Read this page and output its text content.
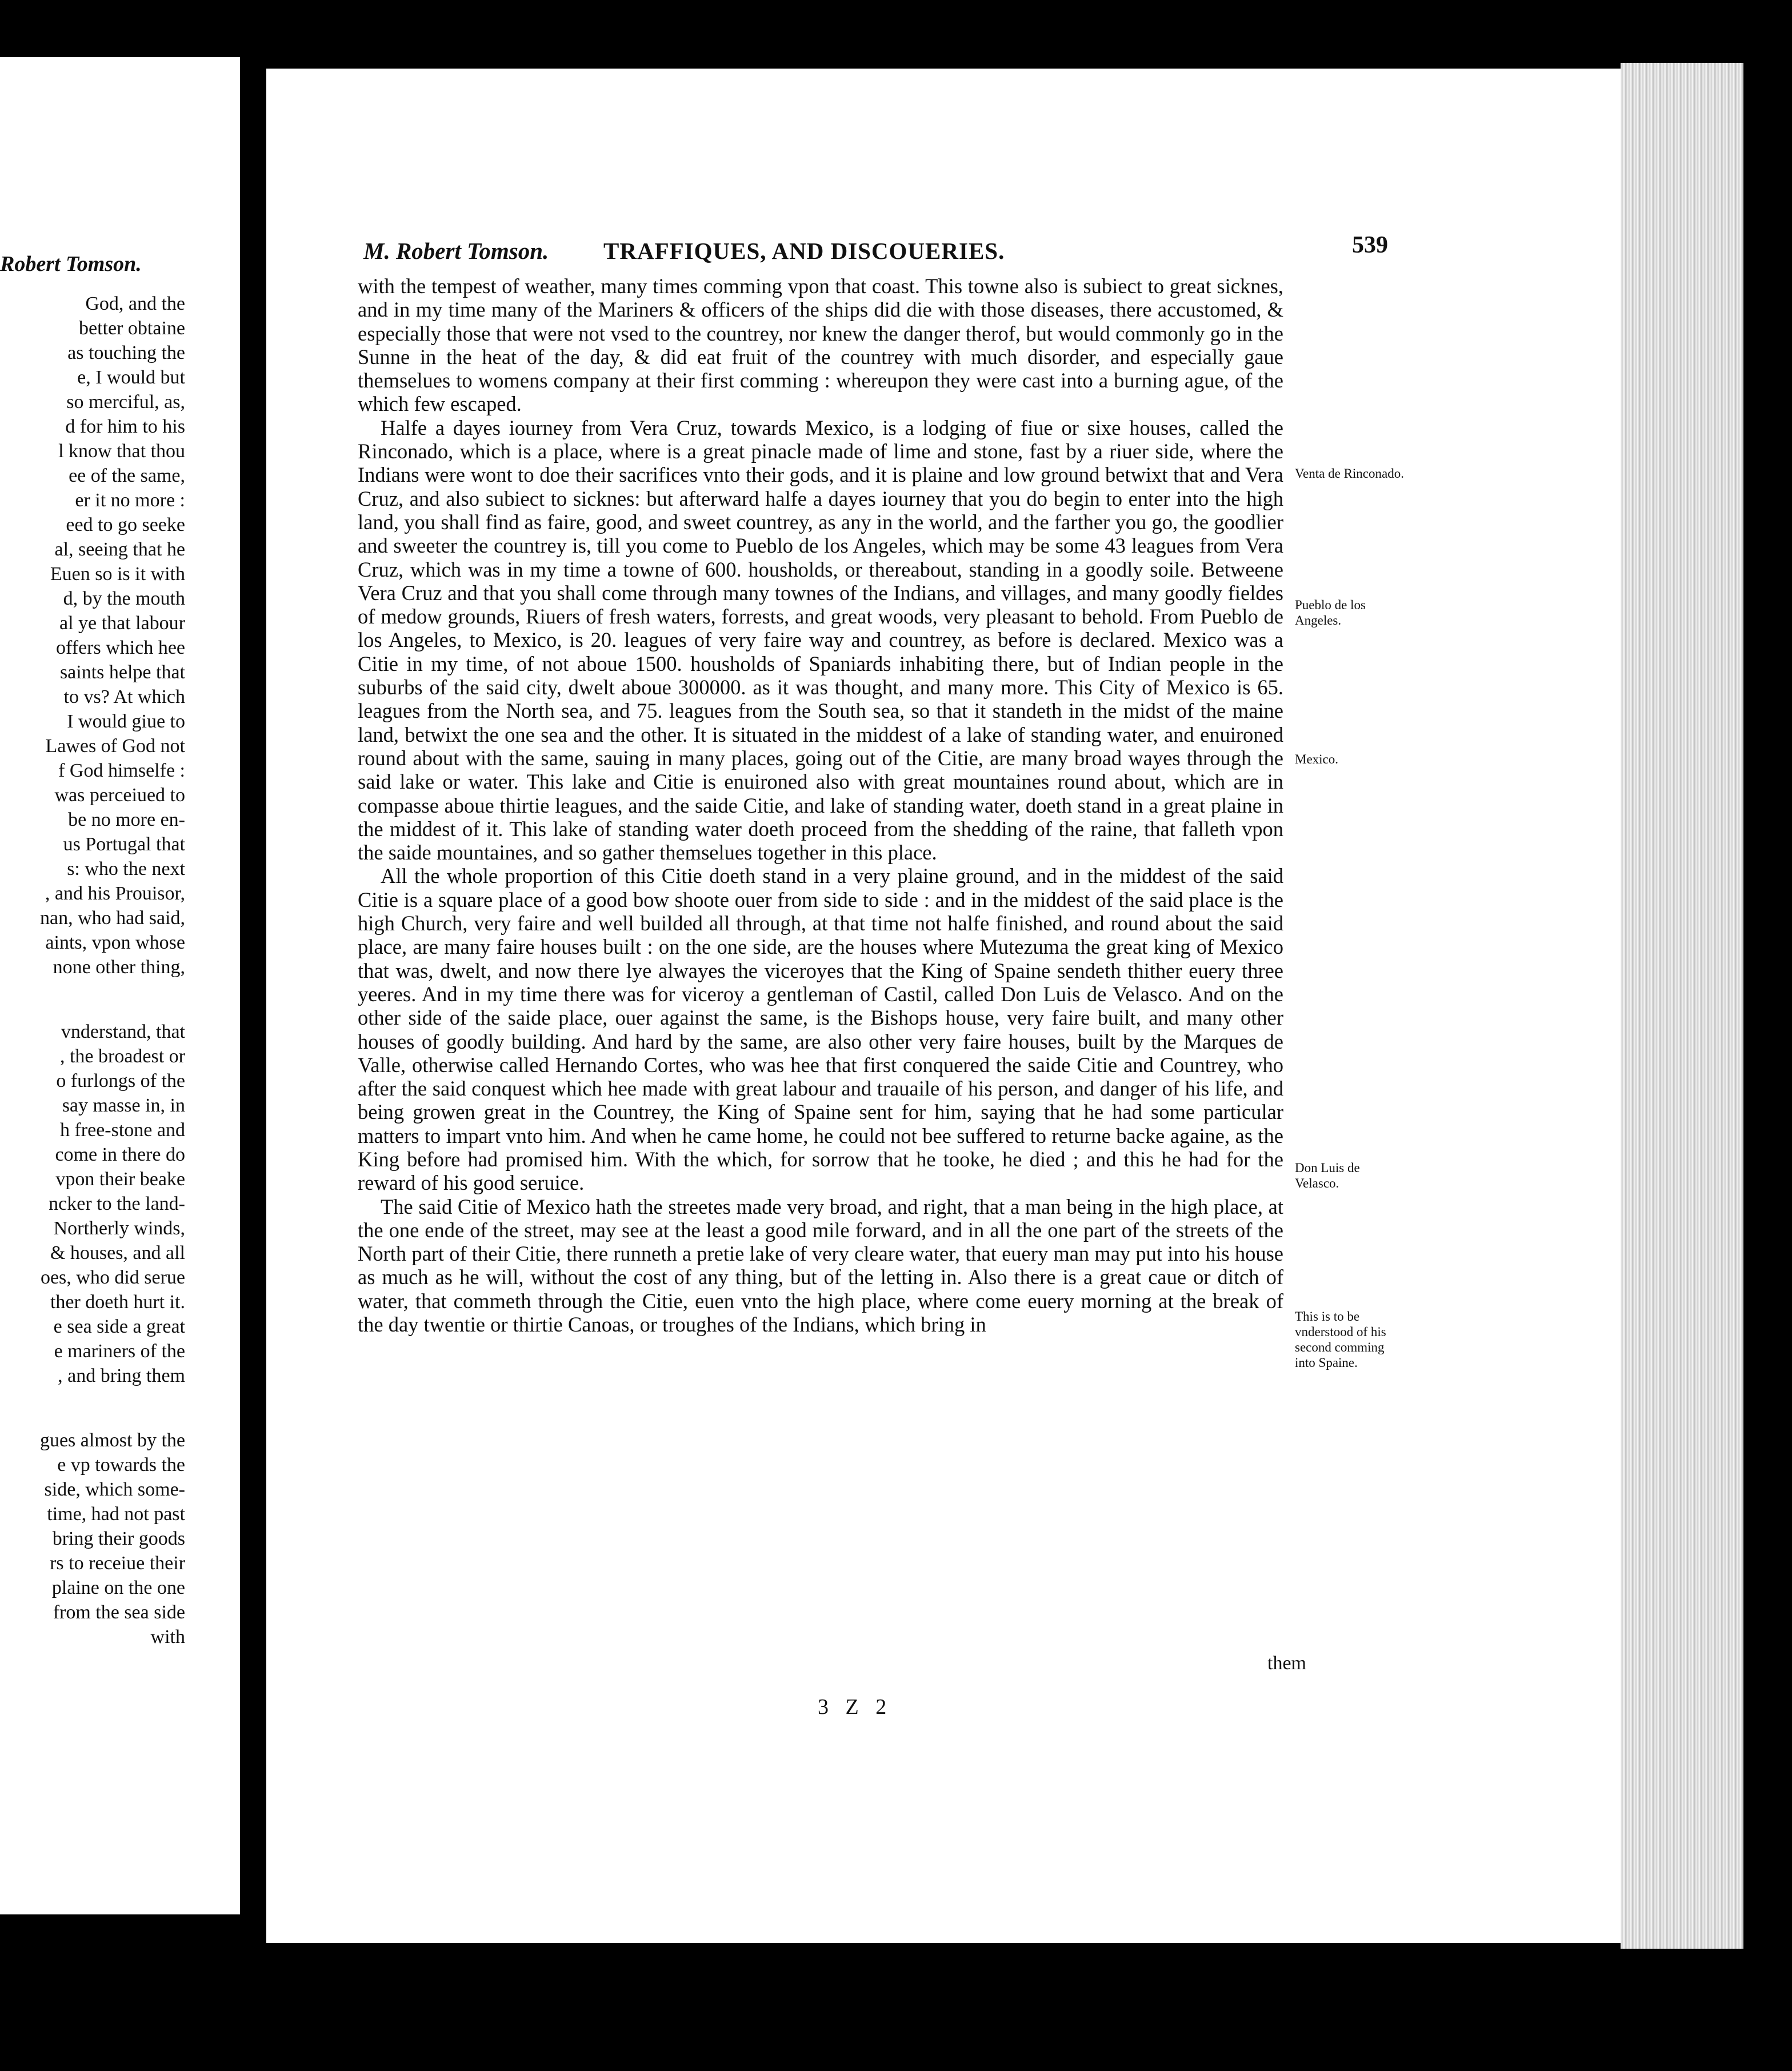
Robert Tomson.
God, and the
better obtaine
as touching the
e, I would but
so merciful, as,
d for him to his
l know that thou
ee of the same,
er it no more :
eed to go seeke
al, seeing that he
Euen so is it with
d, by the mouth
al ye that labour
offers which hee
saints helpe that
to vs? At which
I would giue to
Lawes of God not
f God himselfe :
was perceiued to
be no more en-
us Portugal that
s: who the next
, and his Prouisor,
nan, who had said,
aints, vpon whose
none other thing,
vnderstand, that
, the broadest or
o furlongs of the
say masse in, in
h free-stone and
come in there do
vpon their beake
ncker to the land-
Northerly winds,
& houses, and all
oes, who did serue
ther doeth hurt it.
e sea side a great
e mariners of the
, and bring them
gues almost by the
e vp towards the
side, which some-
time, had not past
bring their goods
rs to receiue their
plaine on the one
from the sea side
with
M. Robert Tomson. TRAFFIQUES, AND DISCOUERIES.	539

with the tempest of weather, many times comming vpon that coast. This towne also is subiect to great sicknes, and in my time many of the Mariners & officers of the ships did die with those diseases, there accustomed, & especially those that were not vsed to the countrey, nor knew the danger therof, but would commonly go in the Sunne in the heat of the day, & did eat fruit of the countrey with much disorder, and especially gaue themselues to womens company at their first comming : whereupon they were cast into a burning ague, of the which few escaped.

Halfe a dayes iourney from Vera Cruz, towards Mexico, is a lodging of fiue or sixe houses, called the Rinconado, which is a place, where is a great pinacle made of lime and stone, fast by a riuer side, where the Indians were wont to doe their sacrifices vnto their gods, and it is plaine and low ground betwixt that and Vera Cruz, and also subiect to sicknes: but afterward halfe a dayes iourney that you do begin to enter into the high land, you shall find as faire, good, and sweet countrey, as any in the world, and the farther you go, the goodlier and sweeter the countrey is, till you come to Pueblo de los Angeles, which may be some 43 leagues from Vera Cruz, which was in my time a towne of 600. housholds, or thereabout, standing in a goodly soile. Betweene Vera Cruz and that you shall come through many townes of the Indians, and villages, and many goodly fieldes of medow grounds, Riuers of fresh waters, forrests, and great woods, very pleasant to behold. From Pueblo de los Angeles, to Mexico, is 20. leagues of very faire way and countrey, as before is declared. Mexico was a Citie in my time, of not aboue 1500. housholds of Spaniards inhabiting there, but of Indian people in the suburbs of the said city, dwelt aboue 300000. as it was thought, and many more. This City of Mexico is 65. leagues from the North sea, and 75. leagues from the South sea, so that it standeth in the midst of the maine land, betwixt the one sea and the other. It is situated in the middest of a lake of standing water, and enuironed round about with the same, sauing in many places, going out of the Citie, are many broad wayes through the said lake or water. This lake and Citie is enuironed also with great mountaines round about, which are in compasse aboue thirtie leagues, and the saide Citie, and lake of standing water, doeth stand in a great plaine in the middest of it. This lake of standing water doeth proceed from the shedding of the raine, that falleth vpon the saide mountaines, and so gather themselues together in this place.

All the whole proportion of this Citie doeth stand in a very plaine ground, and in the middest of the said Citie is a square place of a good bow shoote ouer from side to side : and in the middest of the said place is the high Church, very faire and well builded all through, at that time not halfe finished, and round about the said place, are many faire houses built : on the one side, are the houses where Mutezuma the great king of Mexico that was, dwelt, and now there lye alwayes the viceroyes that the King of Spaine sendeth thither euery three yeeres. And in my time there was for viceroy a gentleman of Castil, called Don Luis de Velasco. And on the other side of the saide place, ouer against the same, is the Bishops house, very faire built, and many other houses of goodly building. And hard by the same, are also other very faire houses, built by the Marques de Valle, otherwise called Hernando Cortes, who was hee that first conquered the saide Citie and Countrey, who after the said conquest which hee made with great labour and trauaile of his person, and danger of his life, and being growen great in the Countrey, the King of Spaine sent for him, saying that he had some particular matters to impart vnto him. And when he came home, he could not bee suffered to returne backe againe, as the King before had promised him. With the which, for sorrow that he tooke, he died ; and this he had for the reward of his good seruice.

The said Citie of Mexico hath the streetes made very broad, and right, that a man being in the high place, at the one ende of the street, may see at the least a good mile forward, and in all the one part of the streets of the North part of their Citie, there runneth a pretie lake of very cleare water, that euery man may put into his house as much as he will, without the cost of any thing, but of the letting in. Also there is a great caue or ditch of water, that commeth through the Citie, euen vnto the high place, where come euery morning at the break of the day twentie or thirtie Canoas, or troughes of the Indians, which bring in

Venta de Rinconado.
Pueblo de los Angeles.
Mexico.
Don Luis de Velasco.
This is to be vnderstood of his second comming into Spaine.
them
3 Z 2
